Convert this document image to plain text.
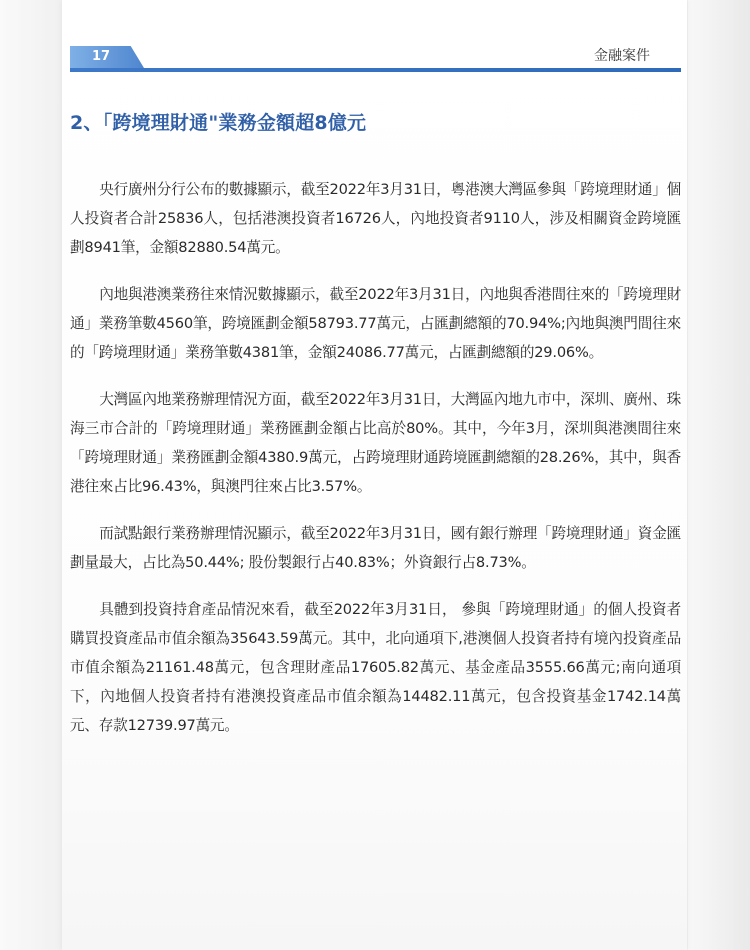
17	金融案件
2、「跨境理財通"業務金額超8億元

央行廣州分行公布的數據顯示，截至2022年3月31日，粵港澳大灣區參與「跨境理財通」個人投資者合計25836人，包括港澳投資者16726人，內地投資者9110人，涉及相關資金跨境匯劃8941筆，金額82880.54萬元。

內地與港澳業務往來情況數據顯示，截至2022年3月31日，內地與香港間往來的「跨境理財通」業務筆數4560筆，跨境匯劃金額58793.77萬元，占匯劃總額的70.94%;內地與澳門間往來的「跨境理財通」業務筆數4381筆，金額24086.77萬元，占匯劃總額的29.06%。

大灣區內地業務辦理情況方面，截至2022年3月31日，大灣區內地九市中，深圳、廣州、珠海三市合計的「跨境理財通」業務匯劃金額占比高於80%。其中，今年3月，深圳與港澳間往來「跨境理財通」業務匯劃金額4380.9萬元，占跨境理財通跨境匯劃總額的28.26%，其中，與香港往來占比96.43%，與澳門往來占比3.57%。

而試點銀行業務辦理情況顯示，截至2022年3月31日，國有銀行辦理「跨境理財通」資金匯劃量最大，占比為50.44%; 股份製銀行占40.83%；外資銀行占8.73%。

具體到投資持倉產品情況來看，截至2022年3月31日， 參與「跨境理財通」的個人投資者購買投資產品市值余額為35643.59萬元。其中，北向通項下,港澳個人投資者持有境內投資產品市值余額為21161.48萬元，包含理財產品17605.82萬元、基金產品3555.66萬元;南向通項下，內地個人投資者持有港澳投資產品市值余額為14482.11萬元，包含投資基金1742.14萬元、存款12739.97萬元。
